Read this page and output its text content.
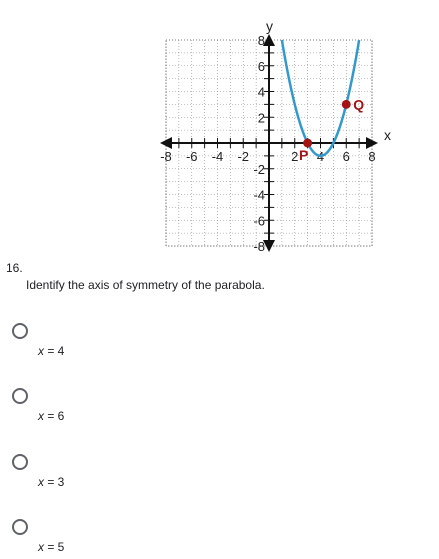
-8 -6 -4 -2	2 4 6 8
8
6
4
2
-2
-4
-6
-8
P
Q
x
y
16.
Identify the axis of symmetry of the parabola.
x = 4
x = 6
x = 3
x = 5
